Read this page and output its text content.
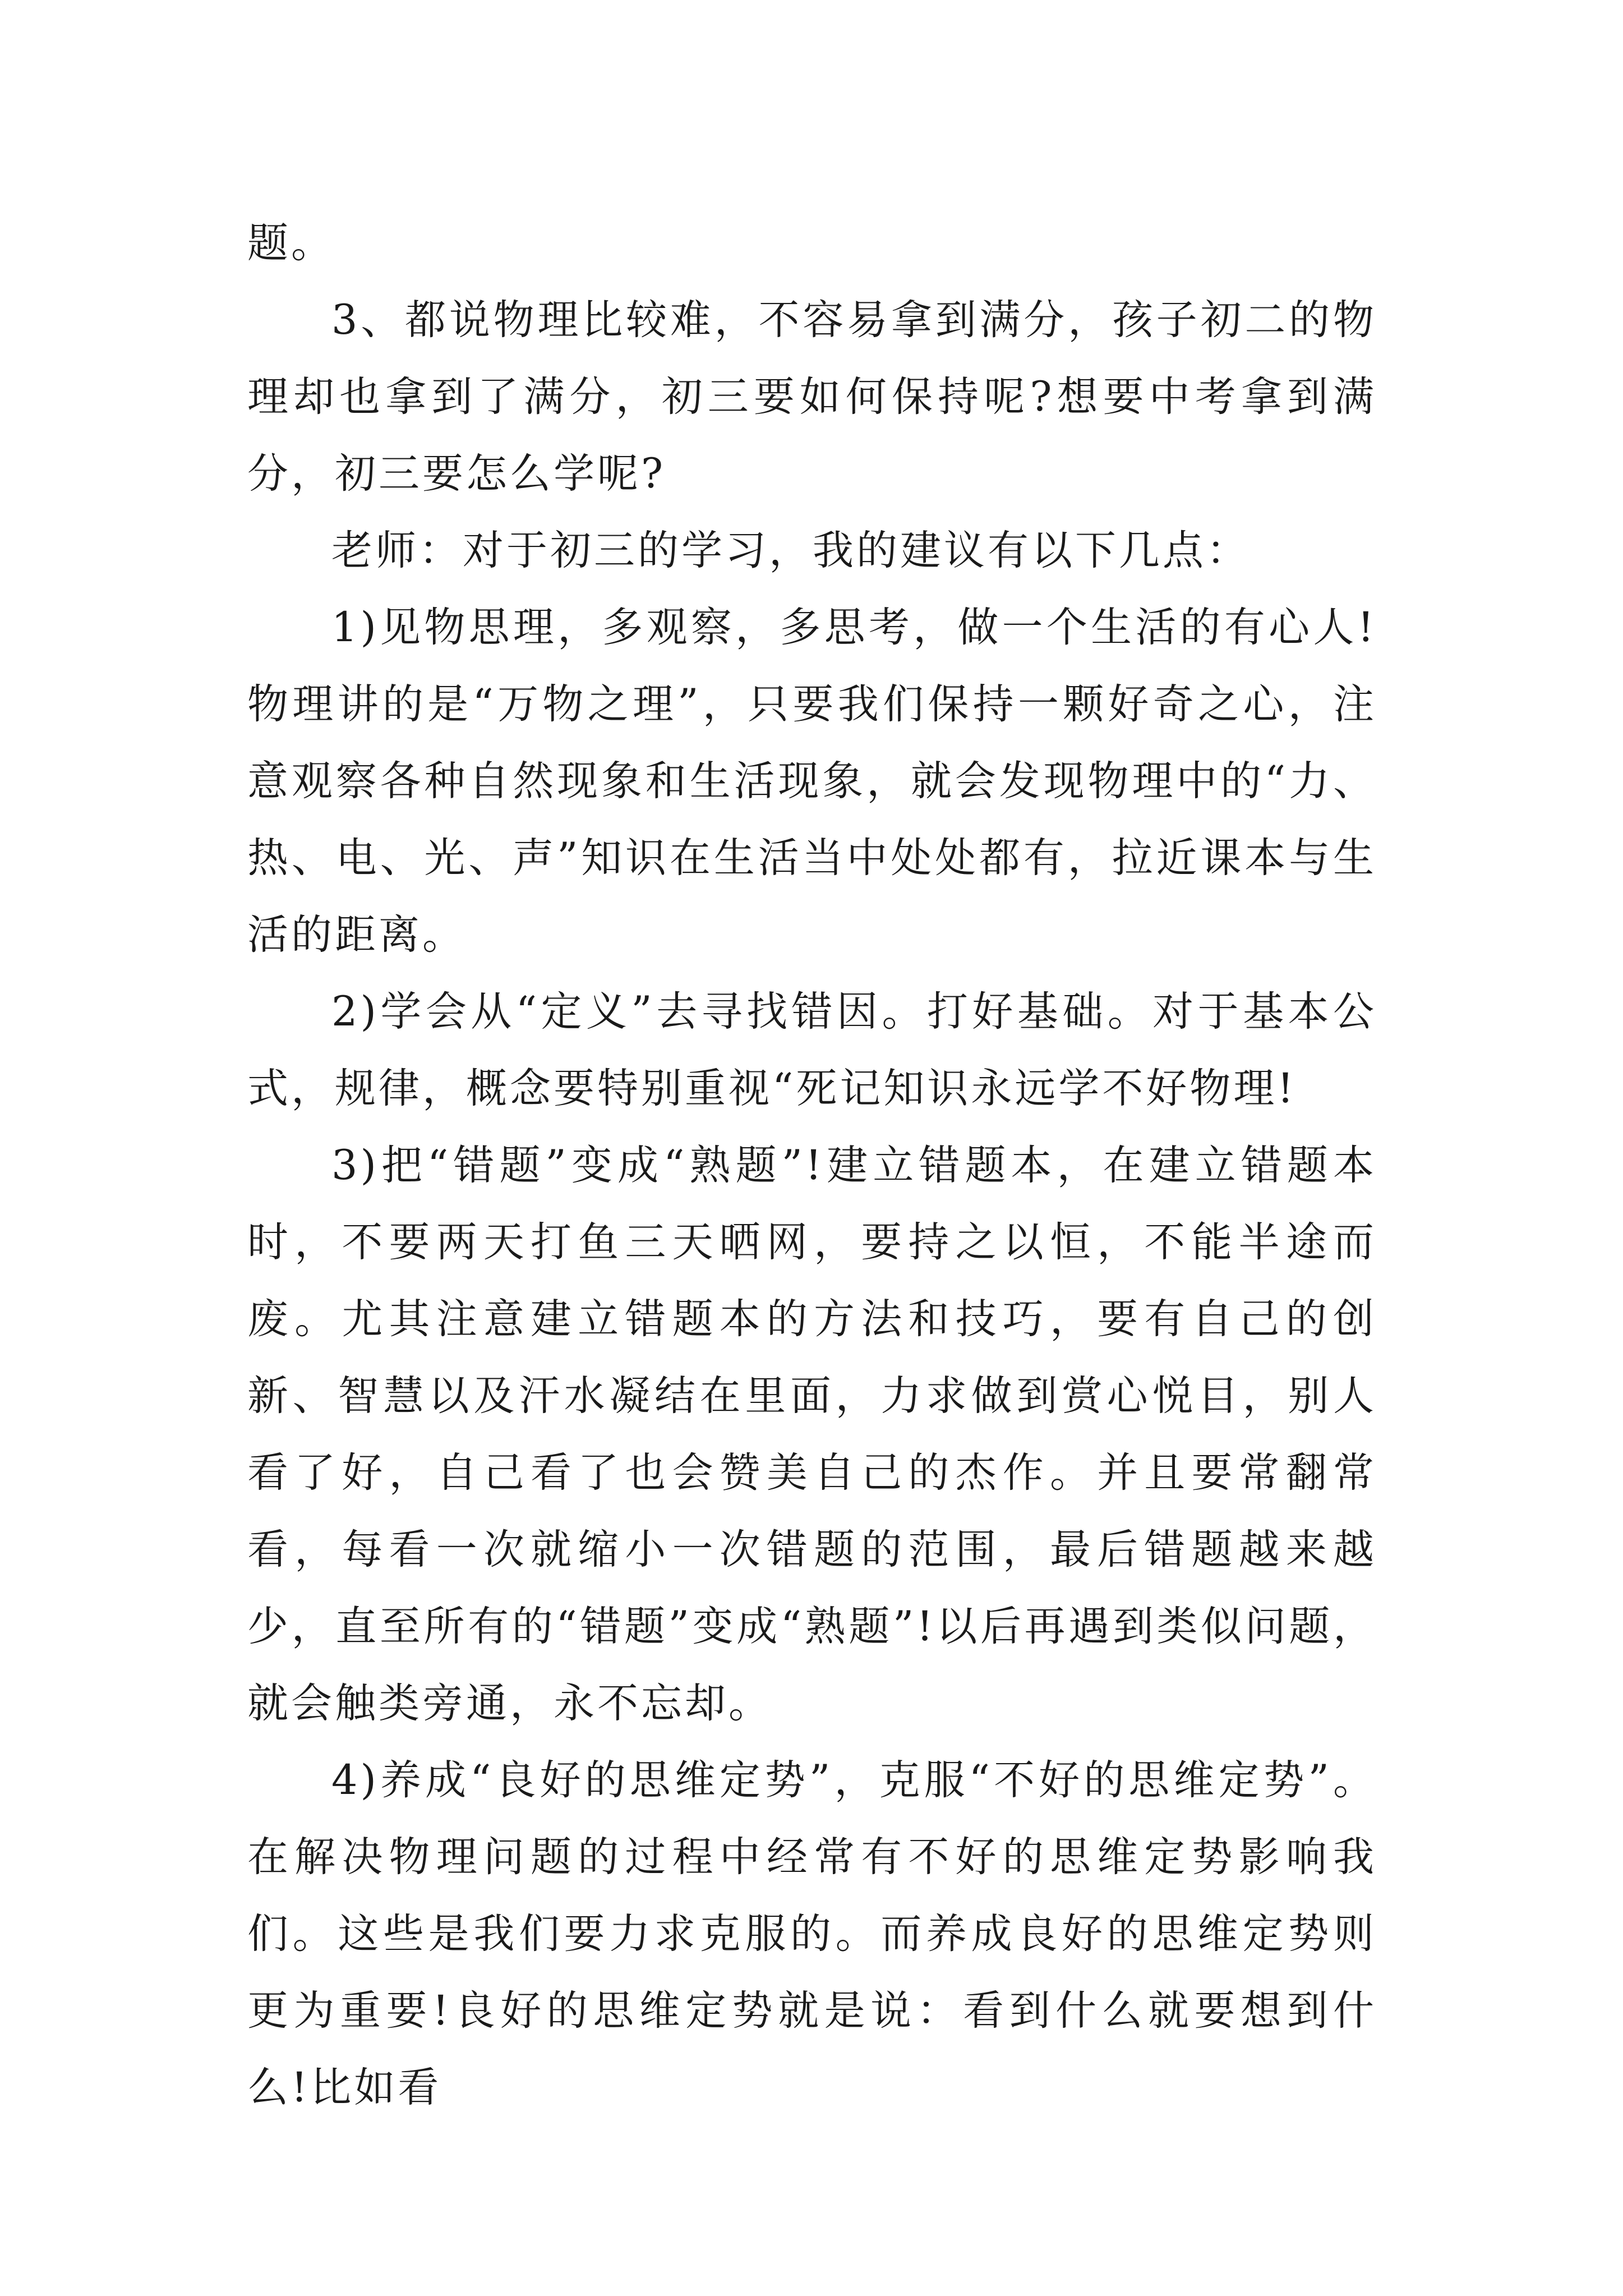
题。

3、都说物理比较难，不容易拿到满分，孩子初二的物理却也拿到了满分，初三要如何保持呢?想要中考拿到满分，初三要怎么学呢?

老师：对于初三的学习，我的建议有以下几点：

1)见物思理，多观察，多思考，做一个生活的有心人!物理讲的是“万物之理”，只要我们保持一颗好奇之心，注意观察各种自然现象和生活现象，就会发现物理中的“力、热、电、光、声”知识在生活当中处处都有，拉近课本与生活的距离。

2)学会从“定义”去寻找错因。打好基础。对于基本公式，规律，概念要特别重视“死记知识永远学不好物理!

3)把“错题”变成“熟题”!建立错题本，在建立错题本时，不要两天打鱼三天晒网，要持之以恒，不能半途而废。尤其注意建立错题本的方法和技巧，要有自己的创新、智慧以及汗水凝结在里面，力求做到赏心悦目，别人看了好，自己看了也会赞美自己的杰作。并且要常翻常看，每看一次就缩小一次错题的范围，最后错题越来越少，直至所有的“错题”变成“熟题”!以后再遇到类似问题，就会触类旁通，永不忘却。

4)养成“良好的思维定势”，克服“不好的思维定势”。在解决物理问题的过程中经常有不好的思维定势影响我们。这些是我们要力求克服的。而养成良好的思维定势则更为重要!良好的思维定势就是说：看到什么就要想到什么!比如看
